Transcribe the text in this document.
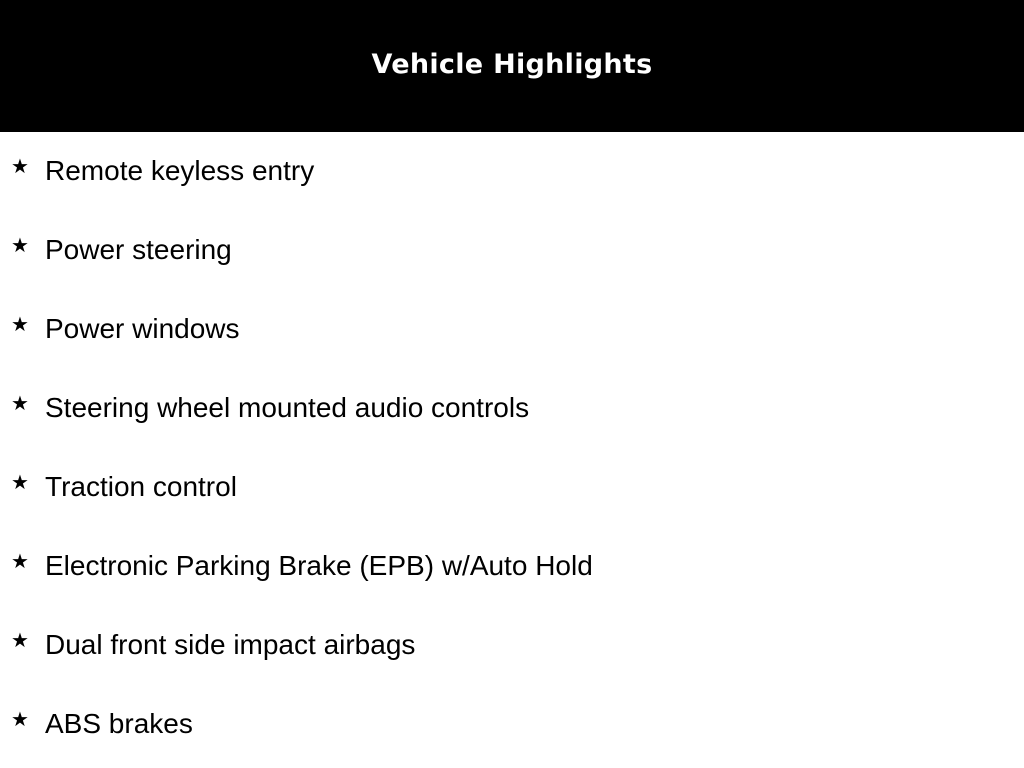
Vehicle Highlights
★ Remote keyless entry
★ Power steering
★ Power windows
★ Steering wheel mounted audio controls
★ Traction control
★ Electronic Parking Brake (EPB) w/Auto Hold
★ Dual front side impact airbags
★ ABS brakes
